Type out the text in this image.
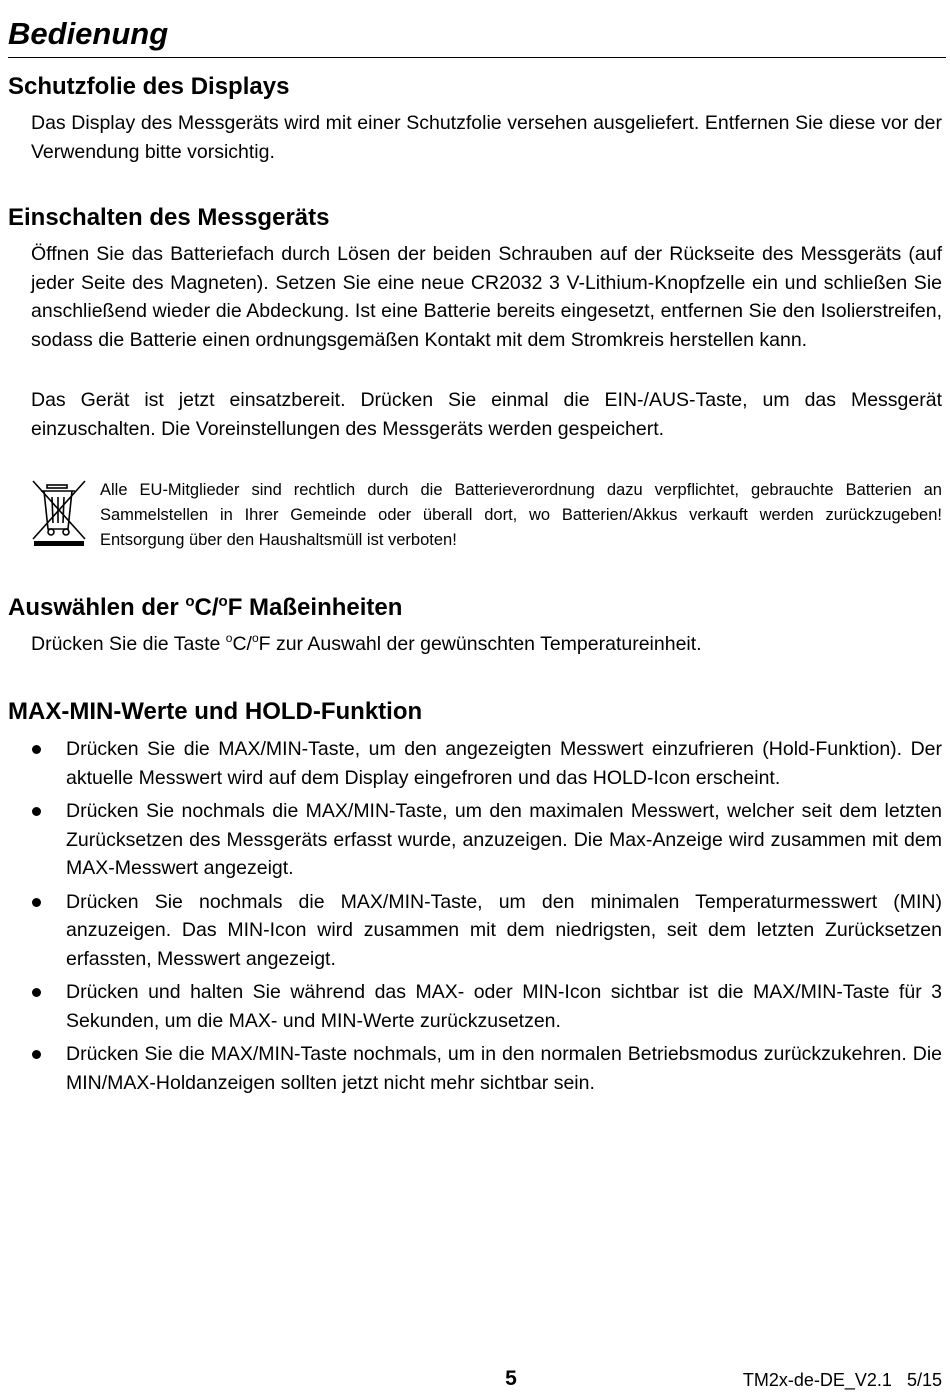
Bedienung
Schutzfolie des Displays
Das Display des Messgeräts wird mit einer Schutzfolie versehen ausgeliefert. Entfernen Sie diese vor der Verwendung bitte vorsichtig.
Einschalten des Messgeräts
Öffnen Sie das Batteriefach durch Lösen der beiden Schrauben auf der Rückseite des Messgeräts (auf jeder Seite des Magneten). Setzen Sie eine neue CR2032 3 V-Lithium-Knopfzelle ein und schließen Sie anschließend wieder die Abdeckung. Ist eine Batterie bereits eingesetzt, entfernen Sie den Isolierstreifen, sodass die Batterie einen ordnungsgemäßen Kontakt mit dem Stromkreis herstellen kann.
Das Gerät ist jetzt einsatzbereit. Drücken Sie einmal die EIN-/AUS-Taste, um das Messgerät einzuschalten. Die Voreinstellungen des Messgeräts werden gespeichert.
Alle EU-Mitglieder sind rechtlich durch die Batterieverordnung dazu verpflichtet, gebrauchte Batterien an Sammelstellen in Ihrer Gemeinde oder überall dort, wo Batterien/Akkus verkauft werden zurückzugeben! Entsorgung über den Haushaltsmüll ist verboten!
Auswählen der $^o$C/$^o$F Maßeinheiten
Drücken Sie die Taste $^o$C/$^o$F zur Auswahl der gewünschten Temperatureinheit.
MAX-MIN-Werte und HOLD-Funktion
Drücken Sie die MAX/MIN-Taste, um den angezeigten Messwert einzufrieren (Hold-Funktion). Der aktuelle Messwert wird auf dem Display eingefroren und das HOLD-Icon erscheint.
Drücken Sie nochmals die MAX/MIN-Taste, um den maximalen Messwert, welcher seit dem letzten Zurücksetzen des Messgeräts erfasst wurde, anzuzeigen. Die Max-Anzeige wird zusammen mit dem MAX-Messwert angezeigt.
Drücken Sie nochmals die MAX/MIN-Taste, um den minimalen Temperaturmesswert (MIN) anzuzeigen. Das MIN-Icon wird zusammen mit dem niedrigsten, seit dem letzten Zurücksetzen erfassten, Messwert angezeigt.
Drücken und halten Sie während das MAX- oder MIN-Icon sichtbar ist die MAX/MIN-Taste für 3 Sekunden, um die MAX- und MIN-Werte zurückzusetzen.
Drücken Sie die MAX/MIN-Taste nochmals, um in den normalen Betriebsmodus zurückzukehren. Die MIN/MAX-Holdanzeigen sollten jetzt nicht mehr sichtbar sein.
5	TM2x-de-DE_V2.1 5/15
